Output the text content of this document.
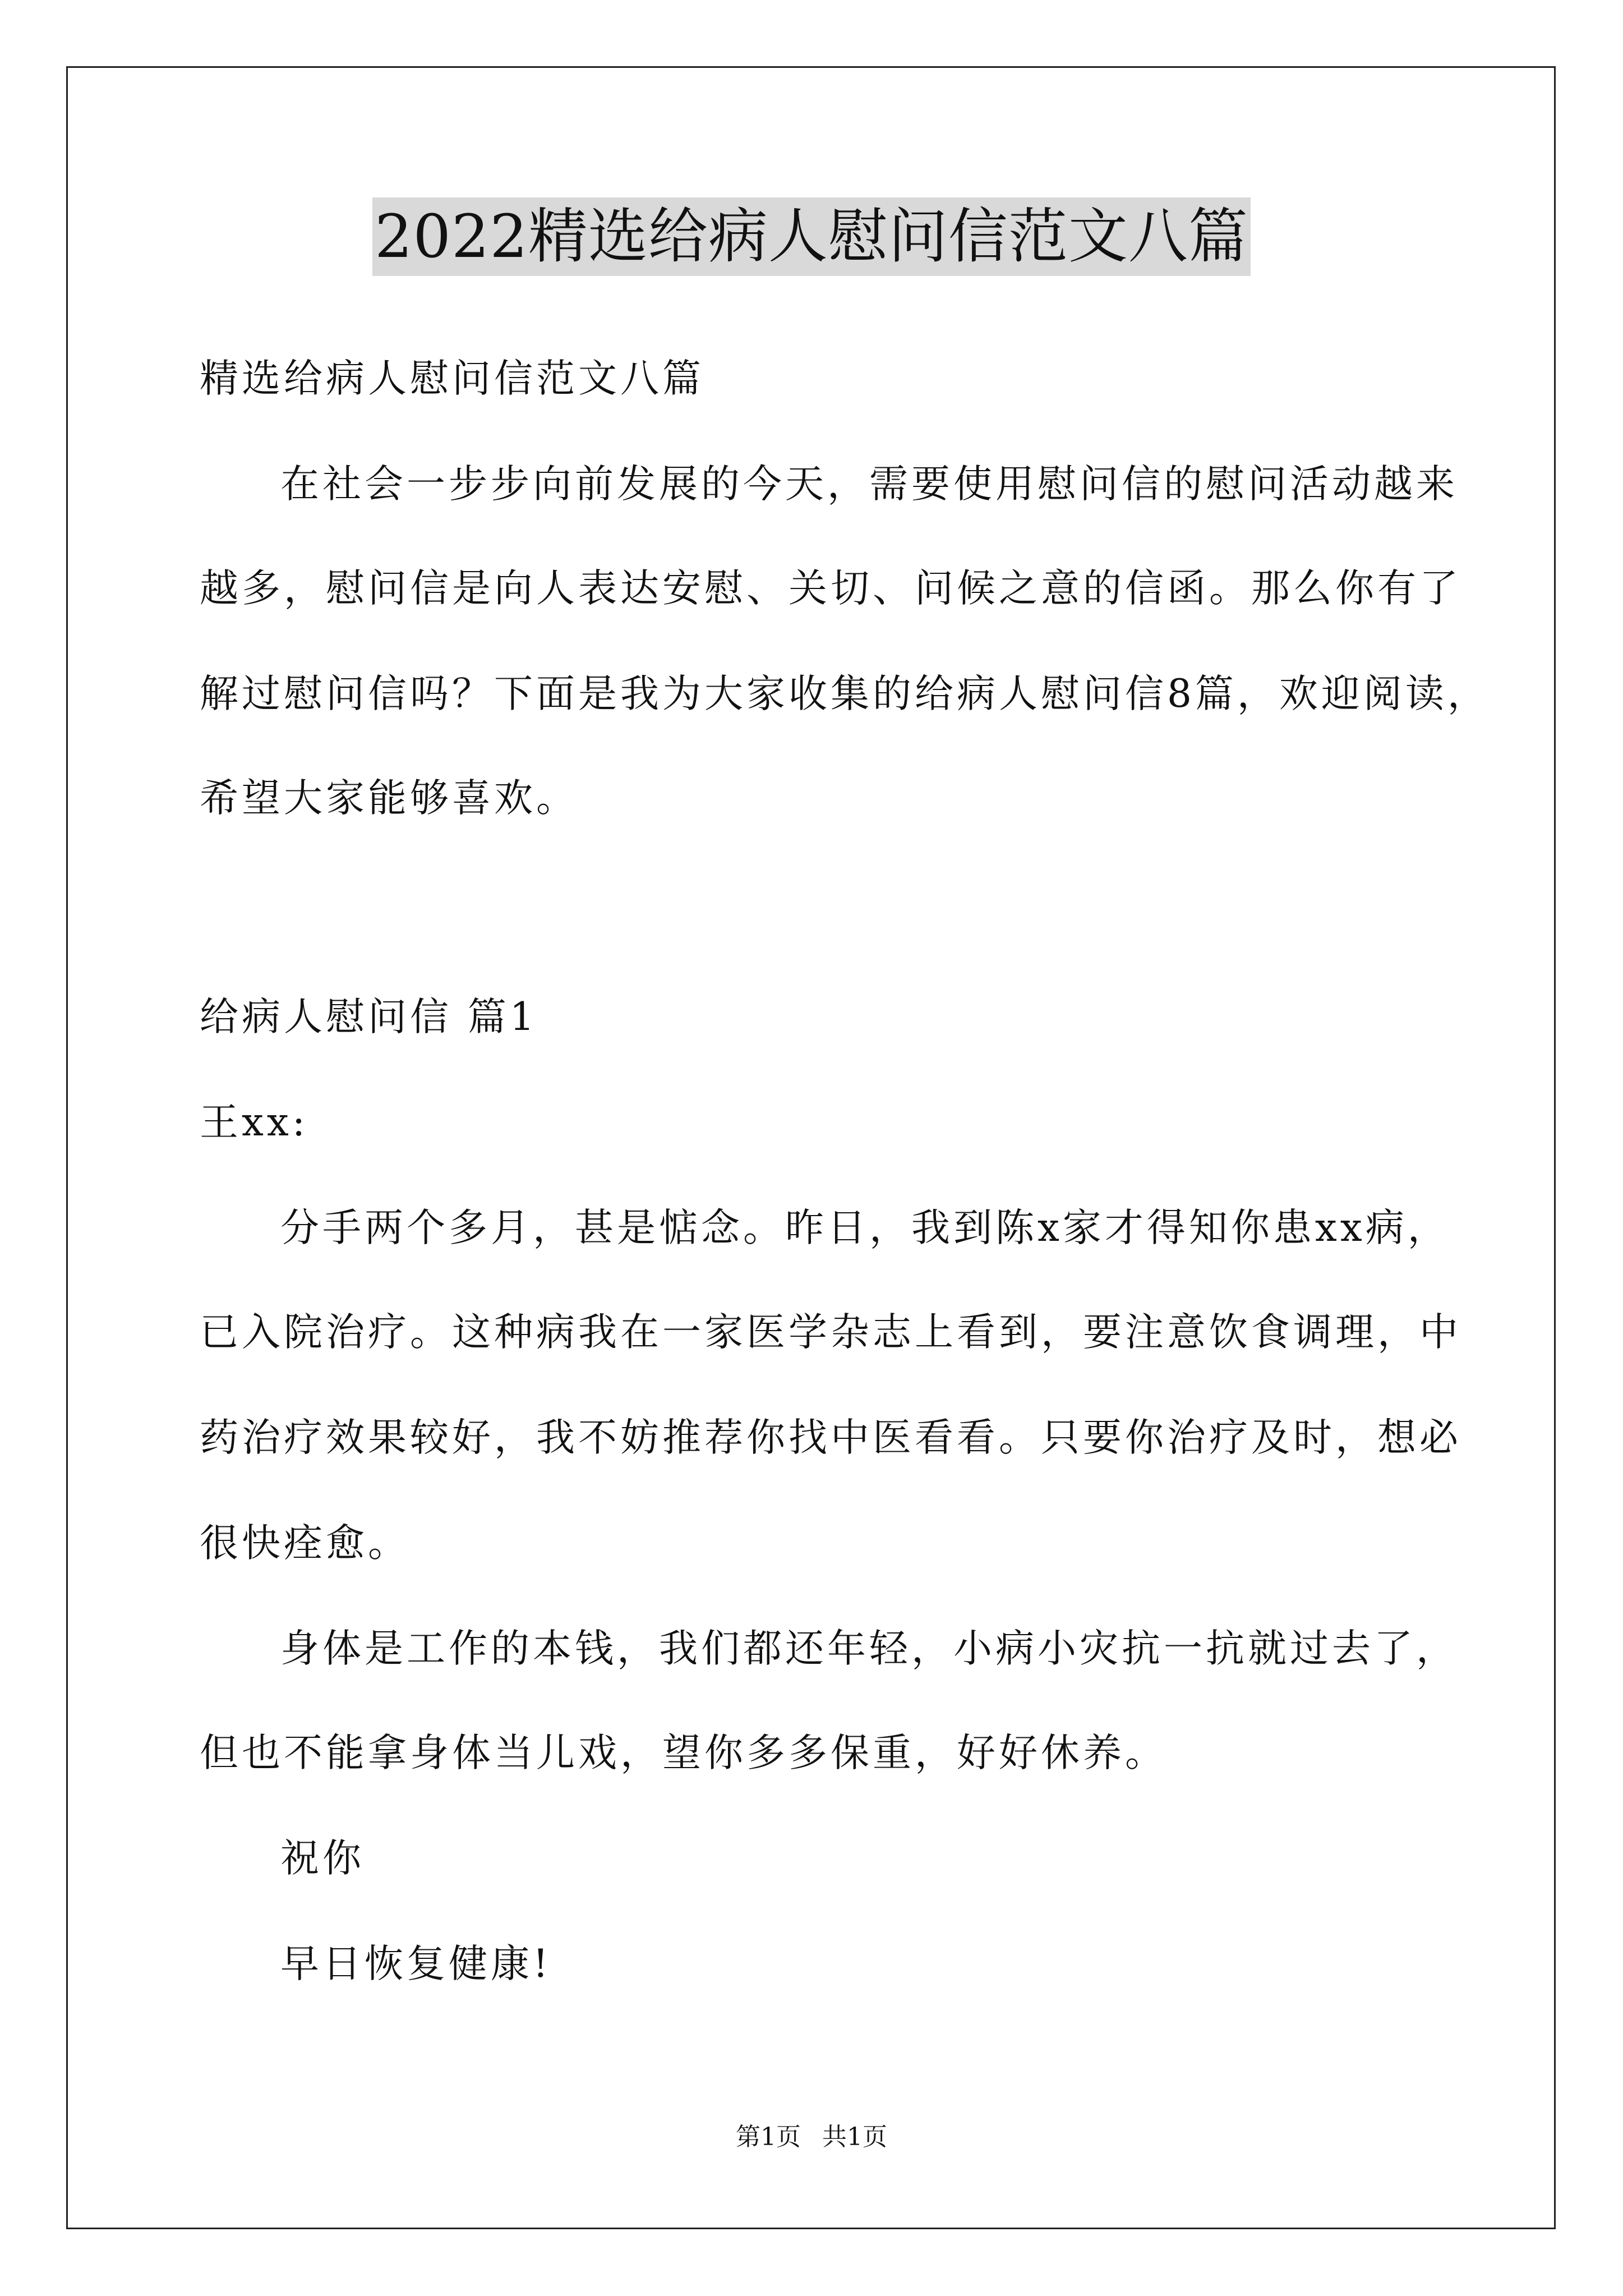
2022精选给病人慰问信范文八篇
精选给病人慰问信范文八篇
在社会一步步向前发展的今天，需要使用慰问信的慰问活动越来
越多，慰问信是向人表达安慰、关切、问候之意的信函。那么你有了
解过慰问信吗？下面是我为大家收集的给病人慰问信8篇，欢迎阅读，
希望大家能够喜欢。
给病人慰问信 篇1
王xx:
分手两个多月，甚是惦念。昨日，我到陈x家才得知你患xx病，
已入院治疗。这种病我在一家医学杂志上看到，要注意饮食调理，中
药治疗效果较好，我不妨推荐你找中医看看。只要你治疗及时，想必
很快痊愈。
身体是工作的本钱，我们都还年轻，小病小灾抗一抗就过去了，
但也不能拿身体当儿戏，望你多多保重，好好休养。
祝你
早日恢复健康!
第1页 共1页
